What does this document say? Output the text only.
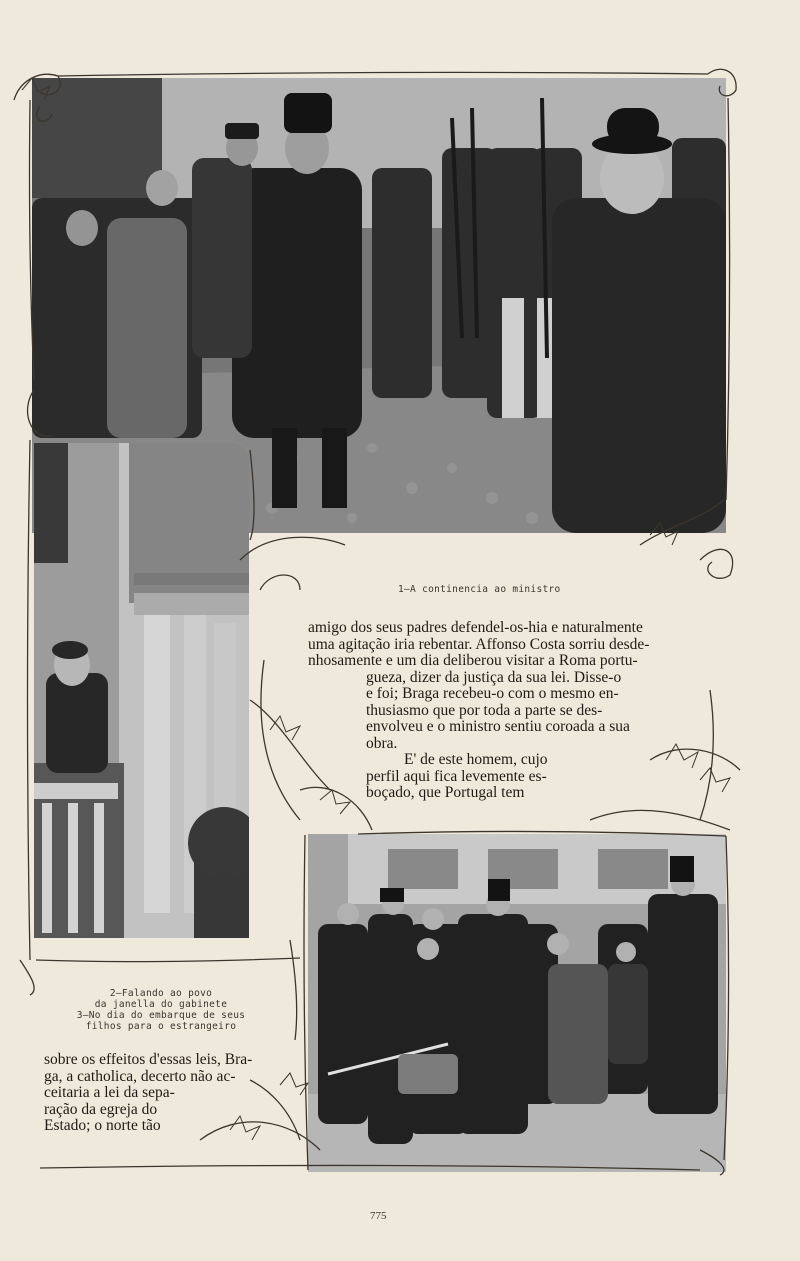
1—A continencia ao ministro
2—Falando ao povo
da janella do gabinete
3—No dia do embarque de seus
filhos para o estrangeiro
amigo dos seus padres defendel-os-hia e naturalmente
uma agitação iria rebentar. Affonso Costa sorriu desde-
nhosamente e um dia deliberou visitar a Roma portu-
gueza, dizer da justiça da sua lei. Disse-o
e foi; Braga recebeu-o com o mesmo en-
thusiasmo que por toda a parte se des-
envolveu e o ministro sentiu coroada a sua
obra.
E' de este homem, cujo
perfil aqui fica levemente es-
boçado, que Portugal tem
sobre os effeitos d'essas leis, Bra-
ga, a catholica, decerto não ac-
ceitaria a lei da sepa-
ração da egreja do
Estado; o norte tão
775
